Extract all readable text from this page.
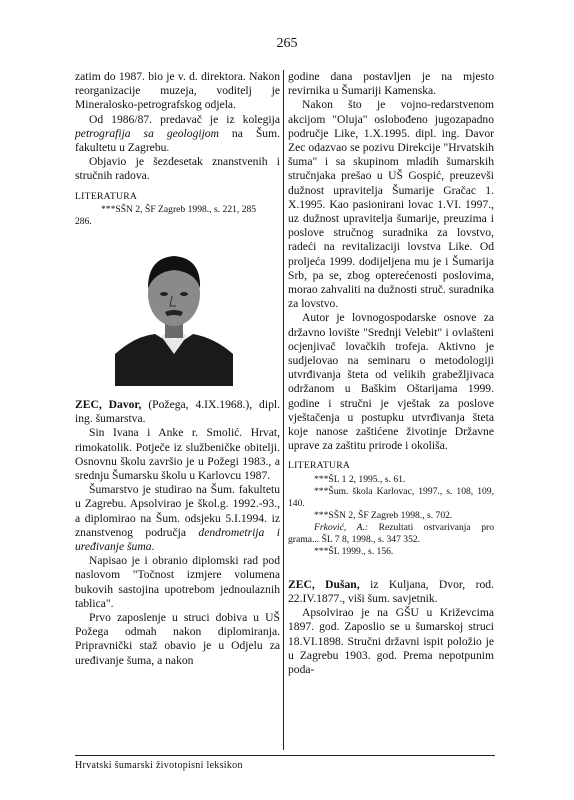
265

zatim do 1987. bio je v. d. direktora. Nakon reorganizacije muzeja, voditelj je Mineralosko-petrografskog odjela.

Od 1986/87. predavač je iz kolegija petrografija sa geologijom na Šum. fakultetu u Zagrebu.

Objavio je šezdesetak znanstvenih i stručnih radova.

LITERATURA

***SŠN 2, ŠF Zagreb 1998., s. 221, 285

286.

ZEC, Davor, (Požega, 4.IX.1968.), dipl. ing. šumarstva.

Sin Ivana i Anke r. Smolić. Hrvat, rimokatolik. Potječe iz službeničke obitelji. Osnovnu školu završio je u Požegi 1983., a srednju Šumarsku školu u Karlovcu 1987.

Šumarstvo je studirao na Šum. fakultetu u Zagrebu. Apsolvirao je škol.g. 1992.-93., a diplomirao na Šum. odsjeku 5.I.1994. iz znanstvenog područja dendrometrija i uređivanje šuma.

Napisao je i obranio diplomski rad pod naslovom "Točnost izmjere volumena bukovih sastojina upotrebom jednoulaznih tablica".

Prvo zaposlenje u struci dobiva u UŠ Požega odmah nakon diplomiranja. Pripravnički staž obavio je u Odjelu za uređivanje šuma, a nakon

godine dana postavljen je na mjesto revirnika u Šumariji Kamenska.

Nakon što je vojno-redarstvenom akcijom "Oluja" oslobođeno jugozapadno područje Like, 1.X.1995. dipl. ing. Davor Zec odazvao se pozivu Direkcije "Hrvatskih šuma" i sa skupinom mladih šumarskih stručnjaka prešao u UŠ Gospić, preuzevši dužnost upravitelja Šumarije Gračac 1. X.1995. Kao pasionirani lovac 1.VI. 1997., uz dužnost upravitelja šumarije, preuzima i poslove stručnog suradnika za lovstvo, radeći na revitalizaciji lovstva Like. Od proljeća 1999. dodijeljena mu je i Šumarija Srb, pa se, zbog opterećenosti poslovima, morao zahvaliti na dužnosti struč. suradnika za lovstvo.

Autor je lovnogospodarske osnove za državno lovište "Srednji Velebit" i ovlašteni ocjenjivač lovačkih trofeja. Aktivno je sudjelovao na seminaru o metodologiji utvrđivanja šteta od velikih grabežljivaca održanom u Baškim Oštarijama 1999. godine i stručni je vještak za poslove vještačenja u postupku utvrđivanja šteta koje nanose zaštićene životinje Državne uprave za zaštitu prirode i okoliša.

LITERATURA

***ŠL 1 2, 1995., s. 61.

***Šum. škola Karlovac, 1997., s. 108, 109, 140.

***SŠN 2, ŠF Zagreb 1998., s. 702.

Frković, A.: Rezultati ostvarivanja pro grama... ŠL 7 8, 1998., s. 347 352.

***ŠL 1999., s. 156.

ZEC, Dušan, iz Kuljana, Dvor, rod. 22.IV.1877., viši šum. savjetnik.

Apsolvirao je na GŠU u Križevcima 1897. god. Zaposlio se u šumarskoj struci 18.VI.1898. Stručni državni ispit položio je u Zagrebu 1903. god. Prema nepotpunim poda-

Hrvatski šumarski životopisni leksikon
